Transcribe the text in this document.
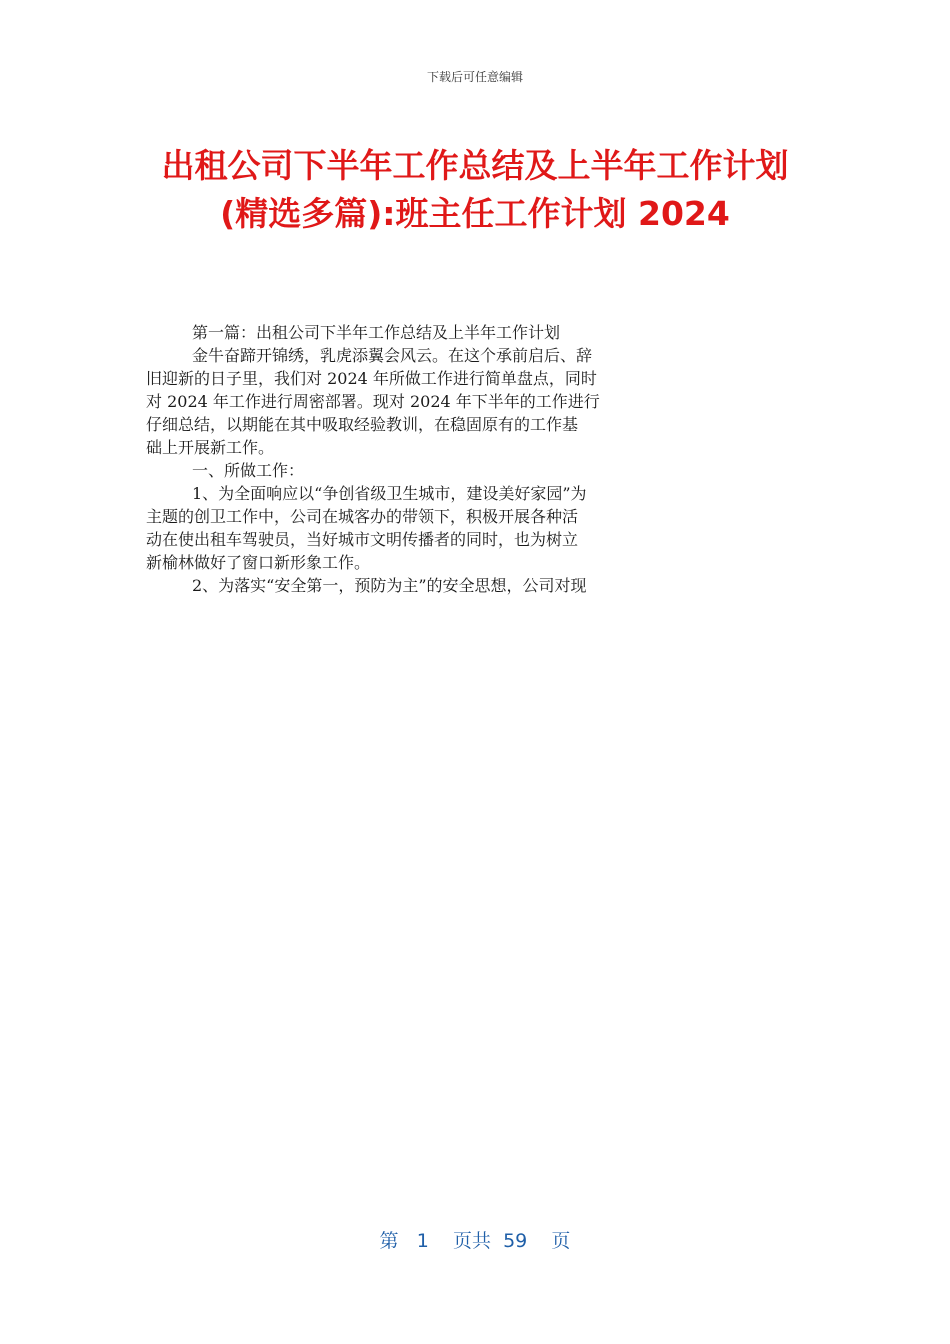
下载后可任意编辑
出租公司下半年工作总结及上半年工作计划
(精选多篇):班主任工作计划 2024
第一篇：出租公司下半年工作总结及上半年工作计划
金牛奋蹄开锦绣，乳虎添翼会风云。在这个承前启后、辞
旧迎新的日子里，我们对 2024 年所做工作进行简单盘点，同时
对 2024 年工作进行周密部署。现对 2024 年下半年的工作进行
仔细总结，以期能在其中吸取经验教训，在稳固原有的工作基
础上开展新工作。
一、所做工作：
1、为全面响应以“争创省级卫生城市，建设美好家园”为
主题的创卫工作中，公司在城客办的带领下，积极开展各种活
动在使出租车驾驶员，当好城市文明传播者的同时，也为树立
新榆林做好了窗口新形象工作。
2、为落实“安全第一，预防为主”的安全思想，公司对现
第 1 页共 59 页
